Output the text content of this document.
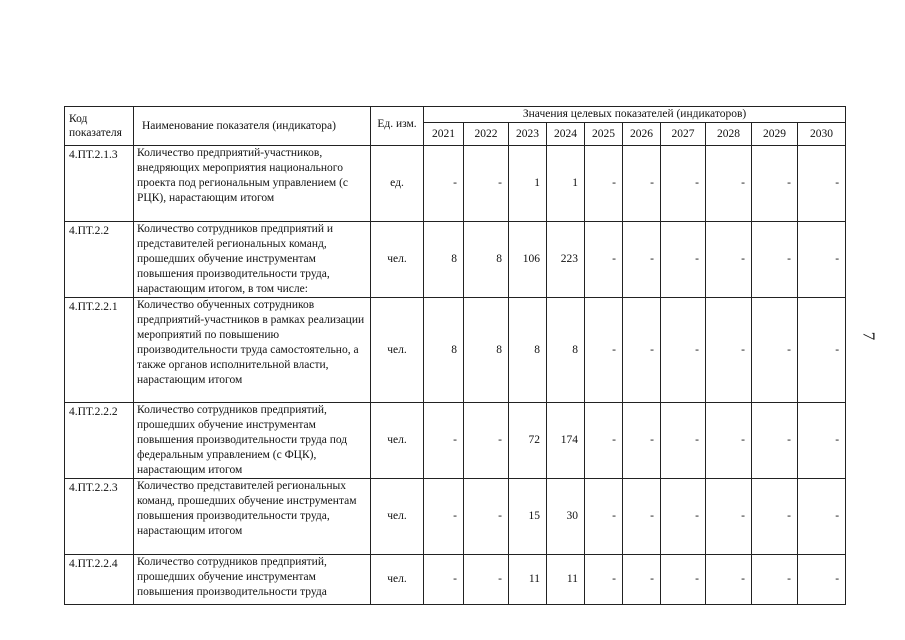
Код показателя	Наименование показателя (индикатора)	Ед. изм.	Значения целевых показателей (индикаторов)									
			2021	2022	2023	2024	2025	2026	2027	2028	2029	2030
4.ПТ.2.1.3	Количество предприятий-участников, внедряющих мероприятия национального проекта под региональным управлением (с РЦК), нарастающим итогом	ед.	-	-	1	1	-	-	-	-	-	-
4.ПТ.2.2	Количество сотрудников предприятий и представителей региональных команд, прошедших обучение инструментам повышения производительности труда, нарастающим итогом, в том числе:	чел.	8	8	106	223	-	-	-	-	-	-
4.ПТ.2.2.1	Количество обученных сотрудников предприятий-участников в рамках реализации мероприятий по повышению производительности труда самостоятельно, а также органов исполнительной власти, нарастающим итогом	чел.	8	8	8	8	-	-	-	-	-	-
4.ПТ.2.2.2	Количество сотрудников предприятий, прошедших обучение инструментам повышения производительности труда под федеральным управлением (с ФЦК), нарастающим итогом	чел.	-	-	72	174	-	-	-	-	-	-
4.ПТ.2.2.3	Количество представителей региональных команд, прошедших обучение инструментам повышения производительности труда, нарастающим итогом	чел.	-	-	15	30	-	-	-	-	-	-
4.ПТ.2.2.4	Количество сотрудников предприятий, прошедших обучение инструментам повышения производительности труда	чел.	-	-	11	11	-	-	-	-	-	-
7
